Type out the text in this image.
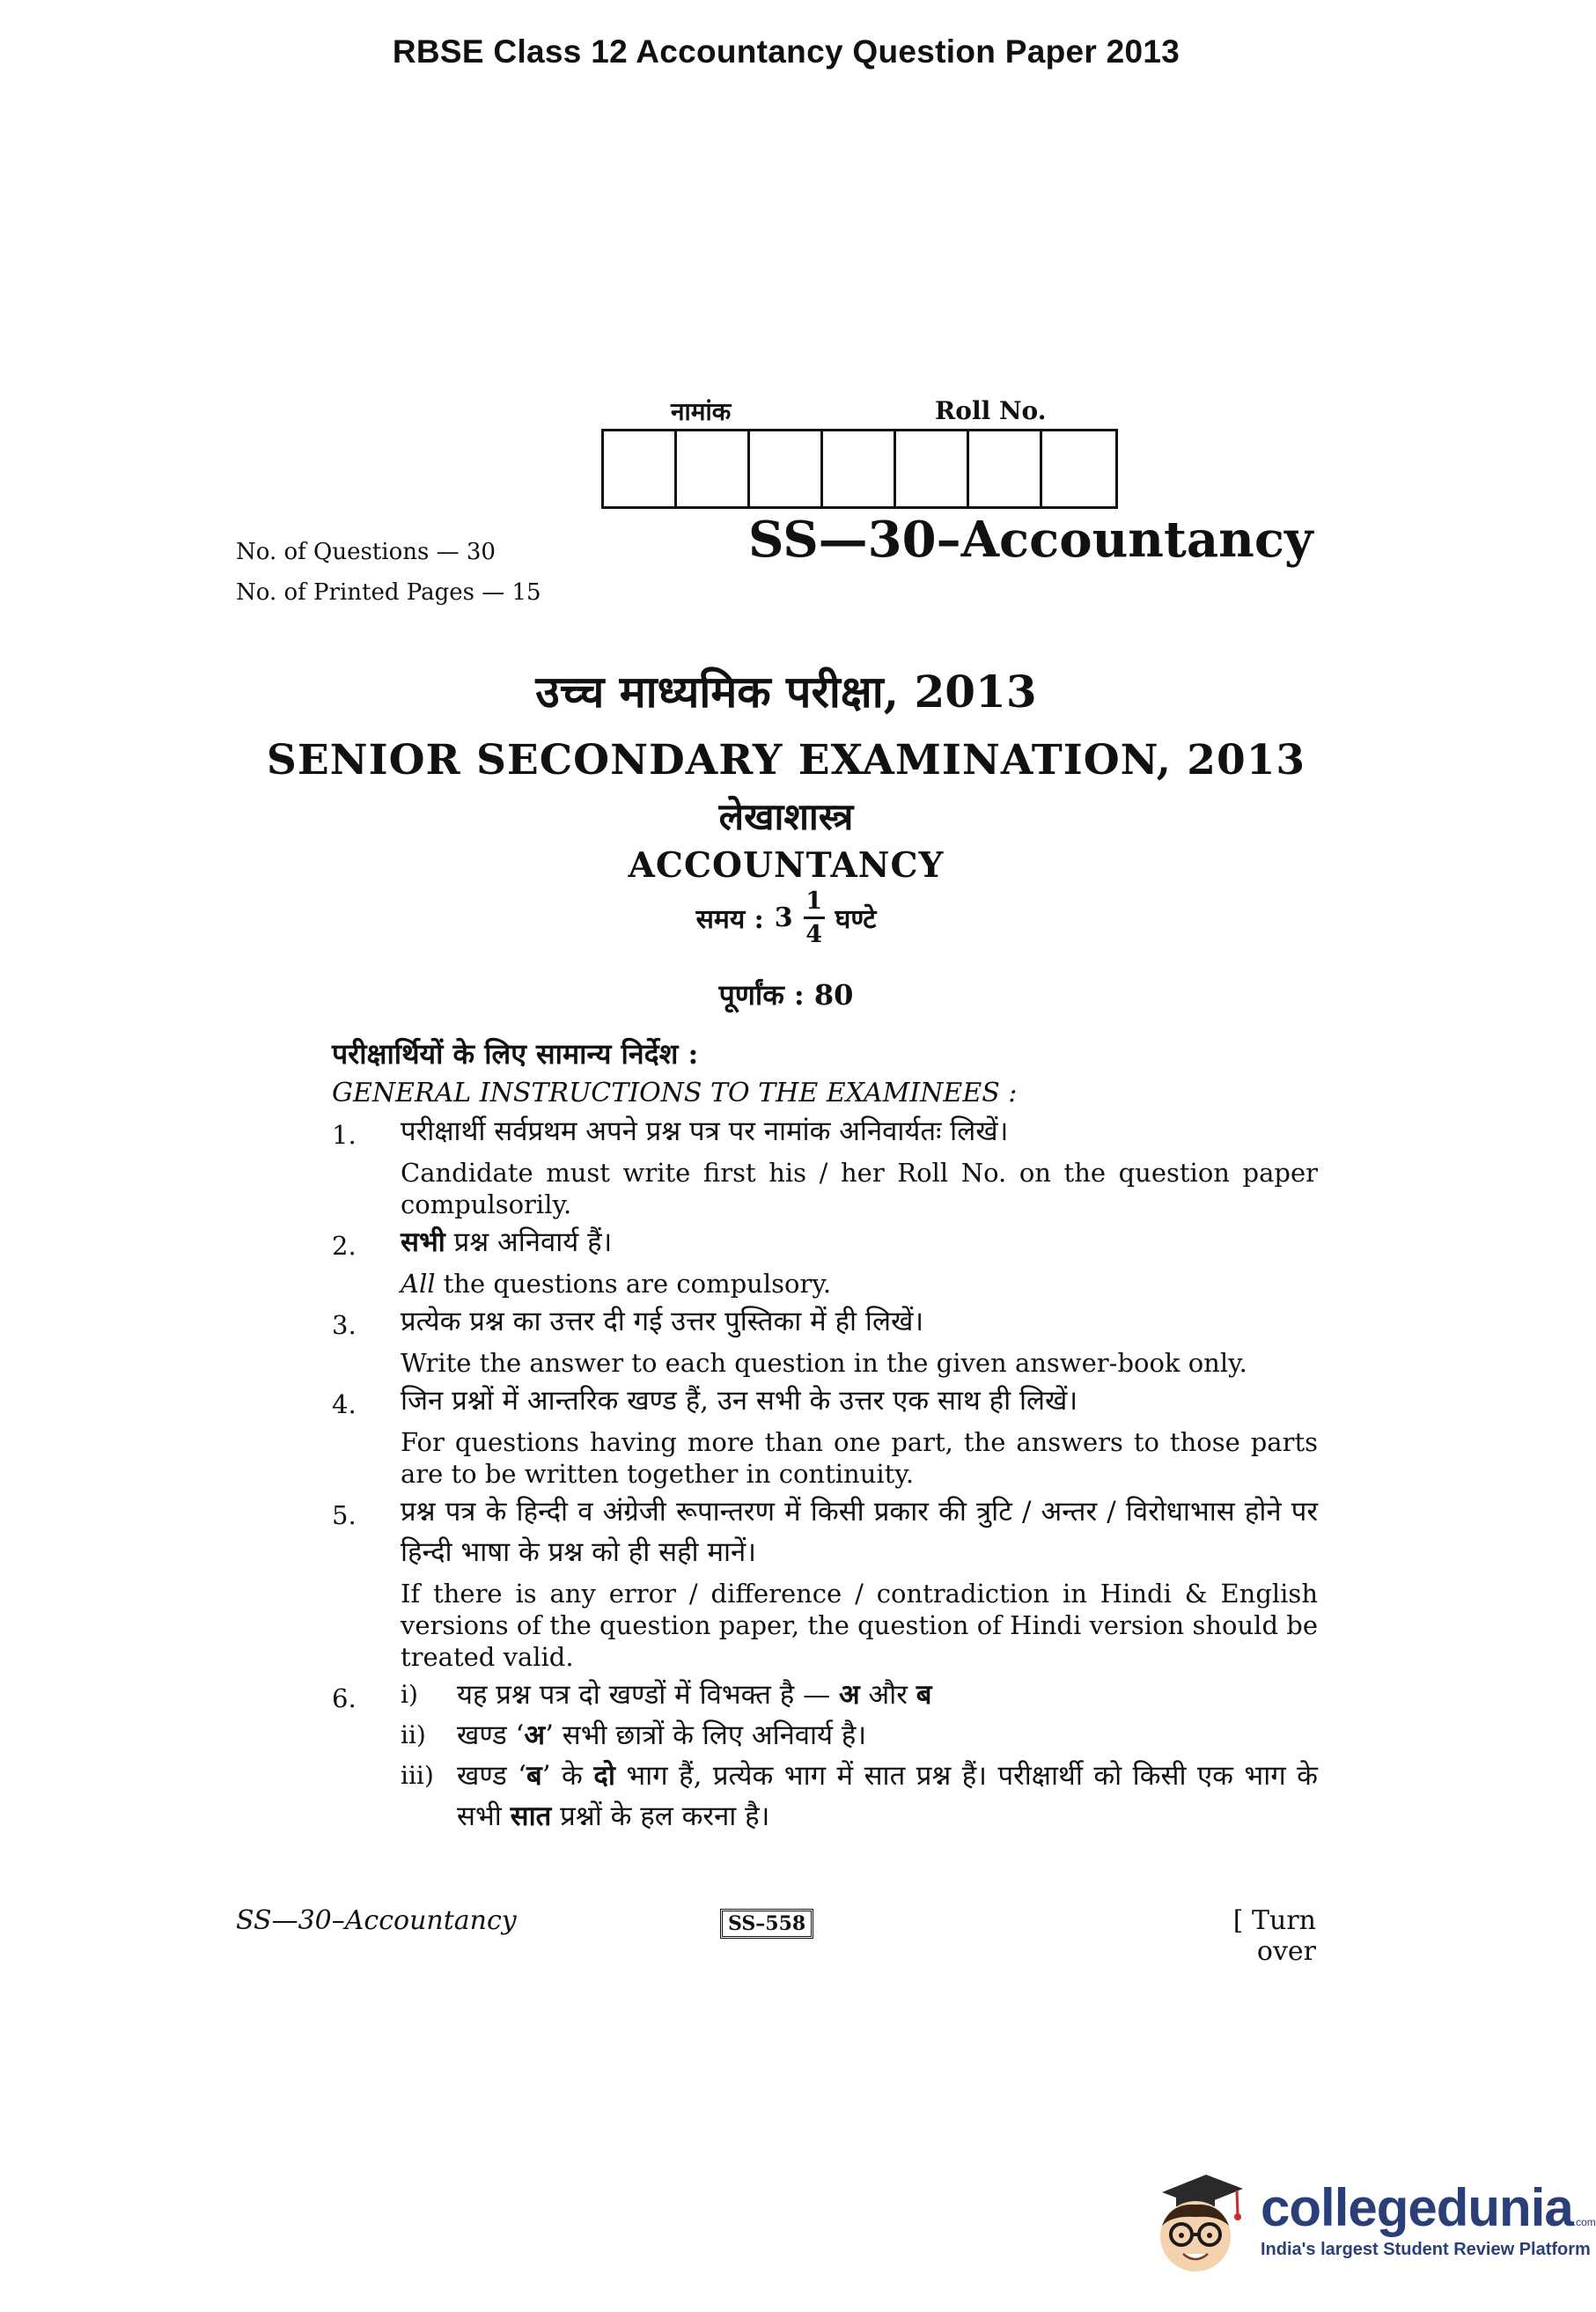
RBSE Class 12 Accountancy Question Paper 2013
नामांक	Roll No.
No. of Questions — 30
No. of Printed Pages — 15
SS—30–Accountancy
उच्च माध्यमिक परीक्षा, 2013
SENIOR SECONDARY EXAMINATION, 2013
लेखाशास्त्र
ACCOUNTANCY
समय : $3 \frac{1}{4}$ घण्टे
पूर्णांक : 80
परीक्षार्थियों के लिए सामान्य निर्देश :
GENERAL INSTRUCTIONS TO THE EXAMINEES :
1.	परीक्षार्थी सर्वप्रथम अपने प्रश्न पत्र पर नामांक अनिवार्यतः लिखें।
Candidate must write first his / her Roll No. on the question paper compulsorily.
2.	सभी प्रश्न अनिवार्य हैं।
All the questions are compulsory.
3.	प्रत्येक प्रश्न का उत्तर दी गई उत्तर पुस्तिका में ही लिखें।
Write the answer to each question in the given answer-book only.
4.	जिन प्रश्नों में आन्तरिक खण्ड हैं, उन सभी के उत्तर एक साथ ही लिखें।
For questions having more than one part, the answers to those parts are to be written together in continuity.
5.	प्रश्न पत्र के हिन्दी व अंग्रेजी रूपान्तरण में किसी प्रकार की त्रुटि / अन्तर / विरोधाभास होने पर हिन्दी भाषा के प्रश्न को ही सही मानें।
If there is any error / difference / contradiction in Hindi & English versions of the question paper, the question of Hindi version should be treated valid.
6.	i)	यह प्रश्न पत्र दो खण्डों में विभक्त है — अ और ब
ii)	खण्ड ‘अ’ सभी छात्रों के लिए अनिवार्य है।
iii) खण्ड ‘ब’ के दो भाग हैं, प्रत्येक भाग में सात प्रश्न हैं। परीक्षार्थी को किसी एक भाग के सभी सात प्रश्नों के हल करना है।
SS—30–Accountancy	SS–558	[ Turn over
collegedunia.com
India's largest Student Review Platform
